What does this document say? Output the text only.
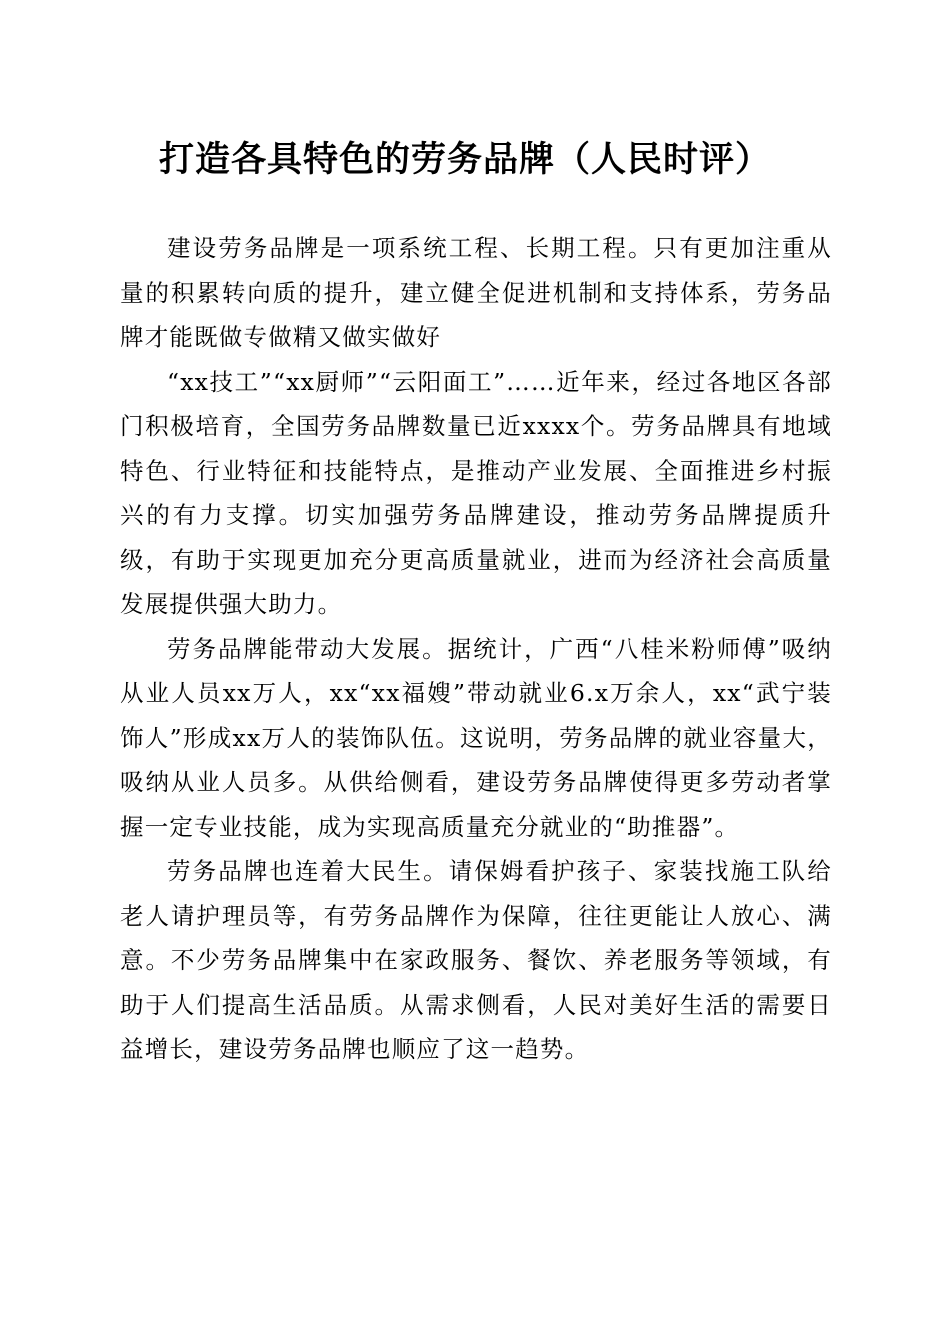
打造各具特色的劳务品牌（人民时评）

建设劳务品牌是一项系统工程、长期工程。只有更加注重从量的积累转向质的提升，建立健全促进机制和支持体系，劳务品牌才能既做专做精又做实做好

“xx技工”“xx厨师”“云阳面工”……近年来，经过各地区各部门积极培育，全国劳务品牌数量已近xxxx个。劳务品牌具有地域特色、行业特征和技能特点，是推动产业发展、全面推进乡村振兴的有力支撑。切实加强劳务品牌建设，推动劳务品牌提质升级，有助于实现更加充分更高质量就业，进而为经济社会高质量发展提供强大助力。

劳务品牌能带动大发展。据统计，广西“八桂米粉师傅”吸纳从业人员xx万人，xx“xx福嫂”带动就业6.x万余人，xx“武宁装饰人”形成xx万人的装饰队伍。这说明，劳务品牌的就业容量大，吸纳从业人员多。从供给侧看，建设劳务品牌使得更多劳动者掌握一定专业技能，成为实现高质量充分就业的“助推器”。

劳务品牌也连着大民生。请保姆看护孩子、家装找施工队给老人请护理员等，有劳务品牌作为保障，往往更能让人放心、满意。不少劳务品牌集中在家政服务、餐饮、养老服务等领域，有助于人们提高生活品质。从需求侧看，人民对美好生活的需要日益增长，建设劳务品牌也顺应了这一趋势。
